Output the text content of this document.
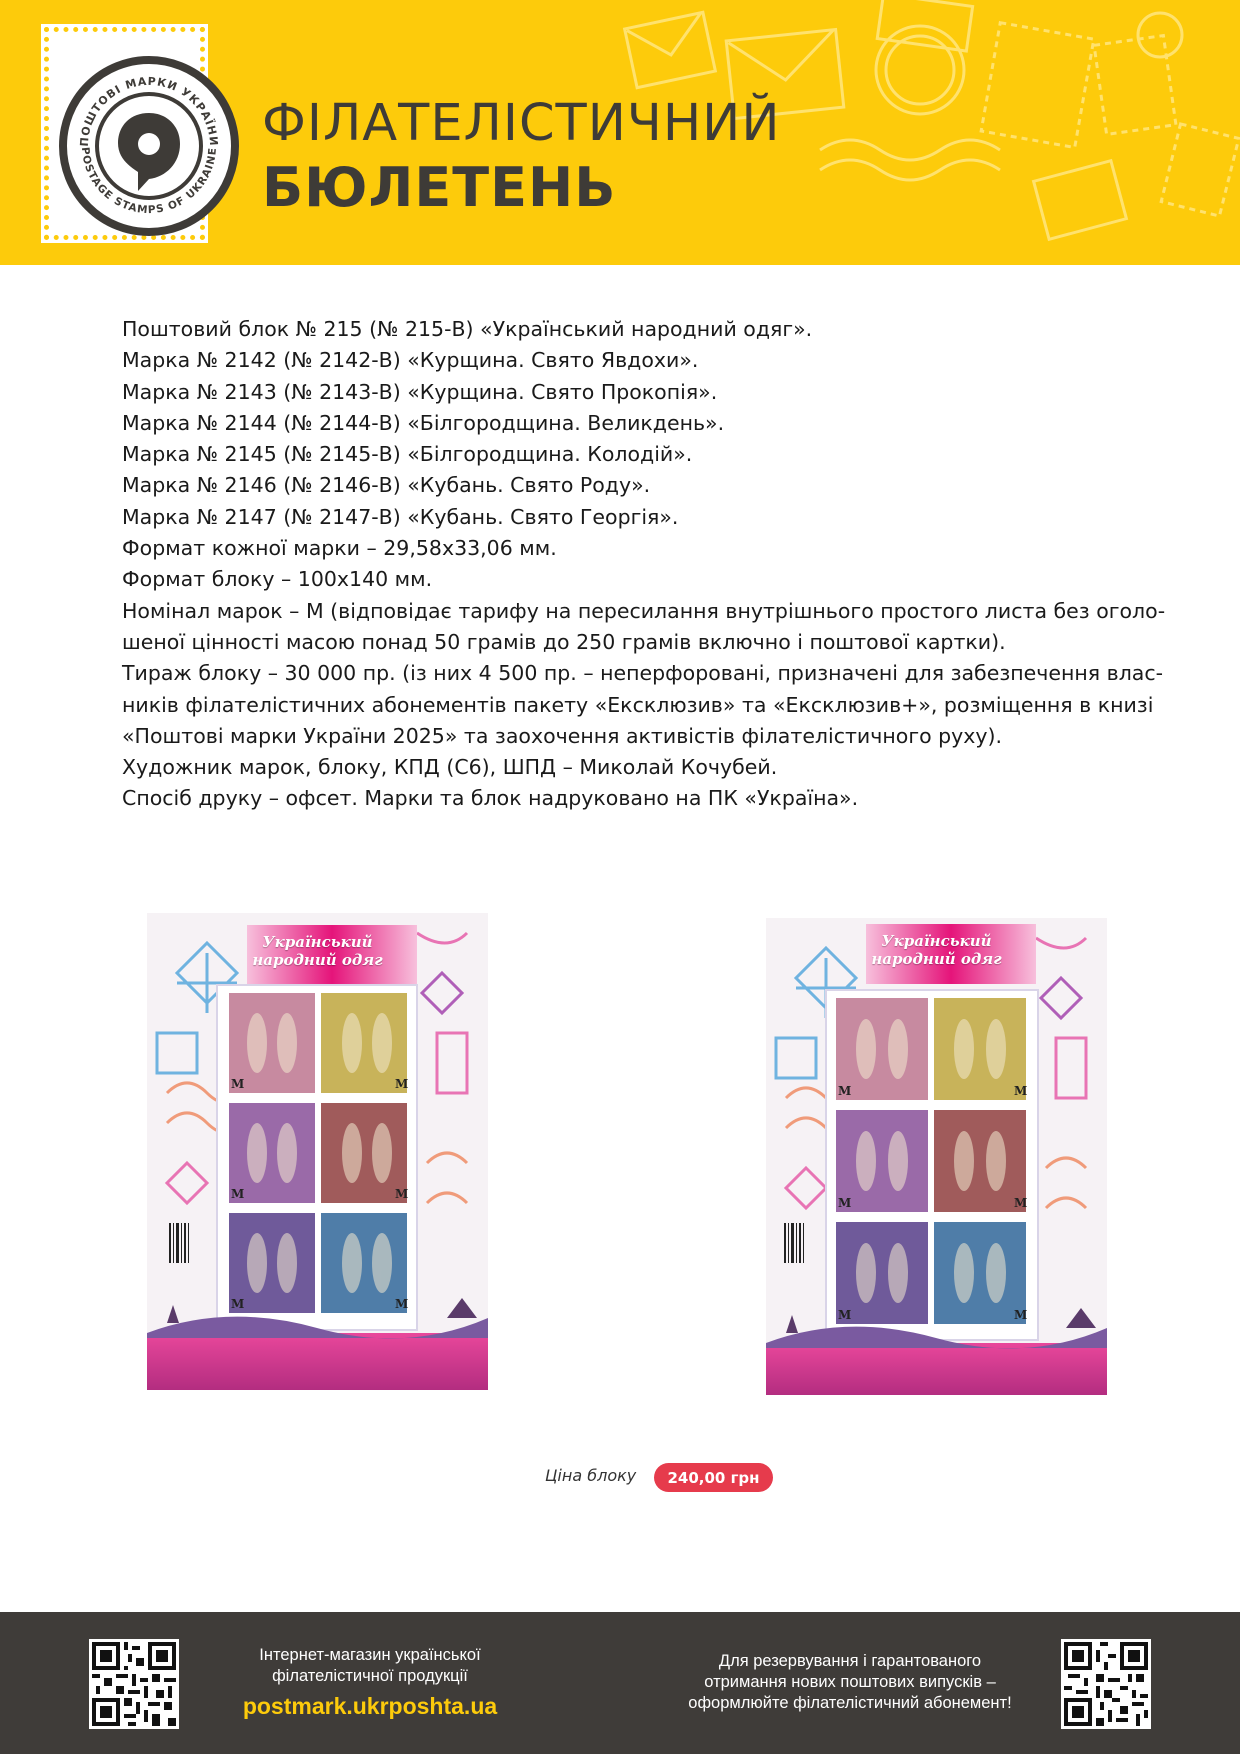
ПОШТОВІ МАРКИ УКРАЇНИ
POSTAGE STAMPS OF UKRAINE ФІЛАТЕЛІСТИЧНИЙ
БЮЛЕТЕНЬ

Поштовий блок № 215 (№ 215-В) «Український народний одяг».

Марка № 2142 (№ 2142-В) «Курщина. Свято Явдохи».

Марка № 2143 (№ 2143-В) «Курщина. Свято Прокопія».

Марка № 2144 (№ 2144-В) «Білгородщина. Великдень».

Марка № 2145 (№ 2145-В) «Білгородщина. Колодій».

Марка № 2146 (№ 2146-В) «Кубань. Свято Роду».

Марка № 2147 (№ 2147-В) «Кубань. Свято Георгія».

Формат кожної марки – 29,58х33,06 мм.

Формат блоку – 100х140 мм.

Номінал марок – М (відповідає тарифу на пересилання внутрішнього простого листа без оголо-

шеної цінності масою понад 50 грамів до 250 грамів включно і поштової картки).

Тираж блоку – 30 000 пр. (із них 4 500 пр. – неперфоровані, призначені для забезпечення влас-

ників філателістичних абонементів пакету «Ексклюзив» та «Ексклюзив+», розміщення в книзі

«Поштові марки України 2025» та заохочення активістів філателістичного руху).

Художник марок, блоку, КПД (С6), ШПД – Миколай Кочубей.

Спосіб друку – офсет. Марки та блок надруковано на ПК «Україна».

Український
народний одяг
М	М
М	М
М	М
Український
народний одяг
М	М
М	М
М	М
Ціна блоку	240,00 грн
Інтернет-магазин української
філателістичної продукції
postmark.ukrposhta.ua
Для резервування і гарантованого
отримання нових поштових випусків –
оформлюйте філателістичний абонемент!
